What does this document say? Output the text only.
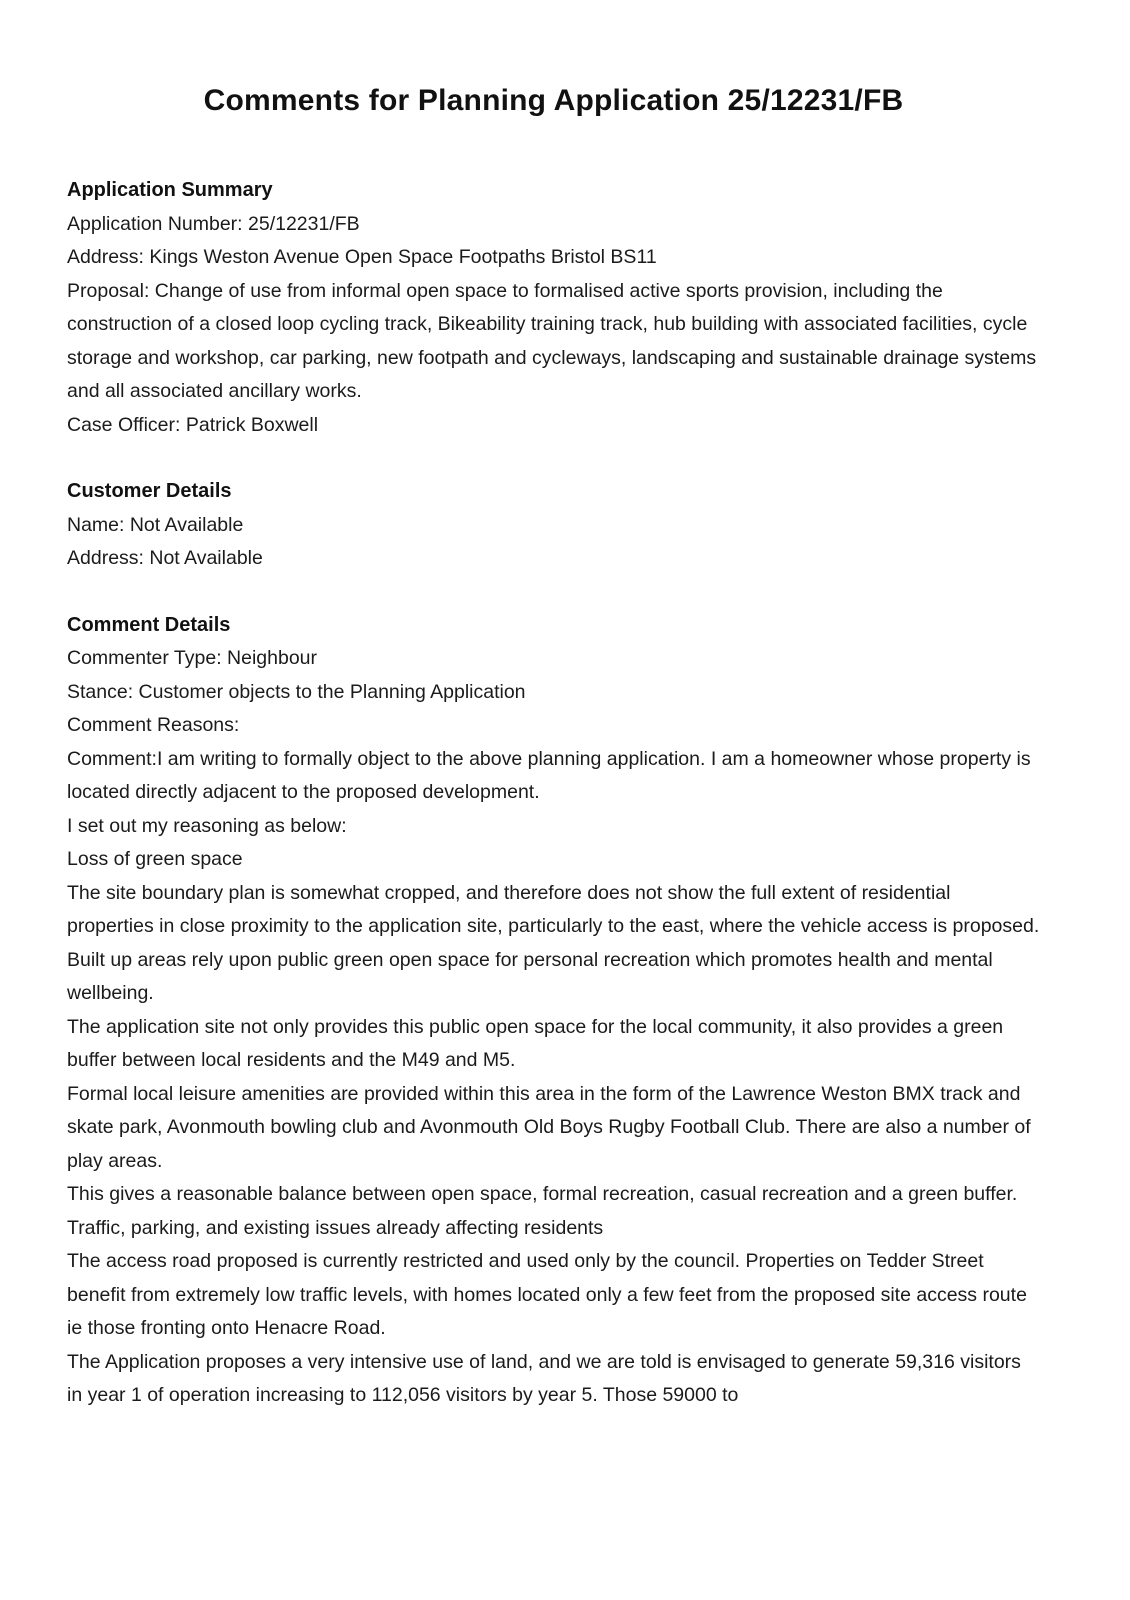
Comments for Planning Application 25/12231/FB
Application Summary

Application Number: 25/12231/FB

Address: Kings Weston Avenue Open Space Footpaths Bristol BS11

Proposal: Change of use from informal open space to formalised active sports provision, including the construction of a closed loop cycling track, Bikeability training track, hub building with associated facilities, cycle storage and workshop, car parking, new footpath and cycleways, landscaping and sustainable drainage systems and all associated ancillary works.

Case Officer: Patrick Boxwell

Customer Details

Name: Not Available

Address: Not Available

Comment Details

Commenter Type: Neighbour

Stance: Customer objects to the Planning Application

Comment Reasons:

Comment:I am writing to formally object to the above planning application. I am a homeowner whose property is located directly adjacent to the proposed development.

I set out my reasoning as below:

Loss of green space

The site boundary plan is somewhat cropped, and therefore does not show the full extent of residential properties in close proximity to the application site, particularly to the east, where the vehicle access is proposed.

Built up areas rely upon public green open space for personal recreation which promotes health and mental wellbeing.

The application site not only provides this public open space for the local community, it also provides a green buffer between local residents and the M49 and M5.

Formal local leisure amenities are provided within this area in the form of the Lawrence Weston BMX track and skate park, Avonmouth bowling club and Avonmouth Old Boys Rugby Football Club. There are also a number of play areas.

This gives a reasonable balance between open space, formal recreation, casual recreation and a green buffer.

Traffic, parking, and existing issues already affecting residents

The access road proposed is currently restricted and used only by the council. Properties on Tedder Street benefit from extremely low traffic levels, with homes located only a few feet from the proposed site access route ie those fronting onto Henacre Road.

The Application proposes a very intensive use of land, and we are told is envisaged to generate 59,316 visitors in year 1 of operation increasing to 112,056 visitors by year 5. Those 59000 to
